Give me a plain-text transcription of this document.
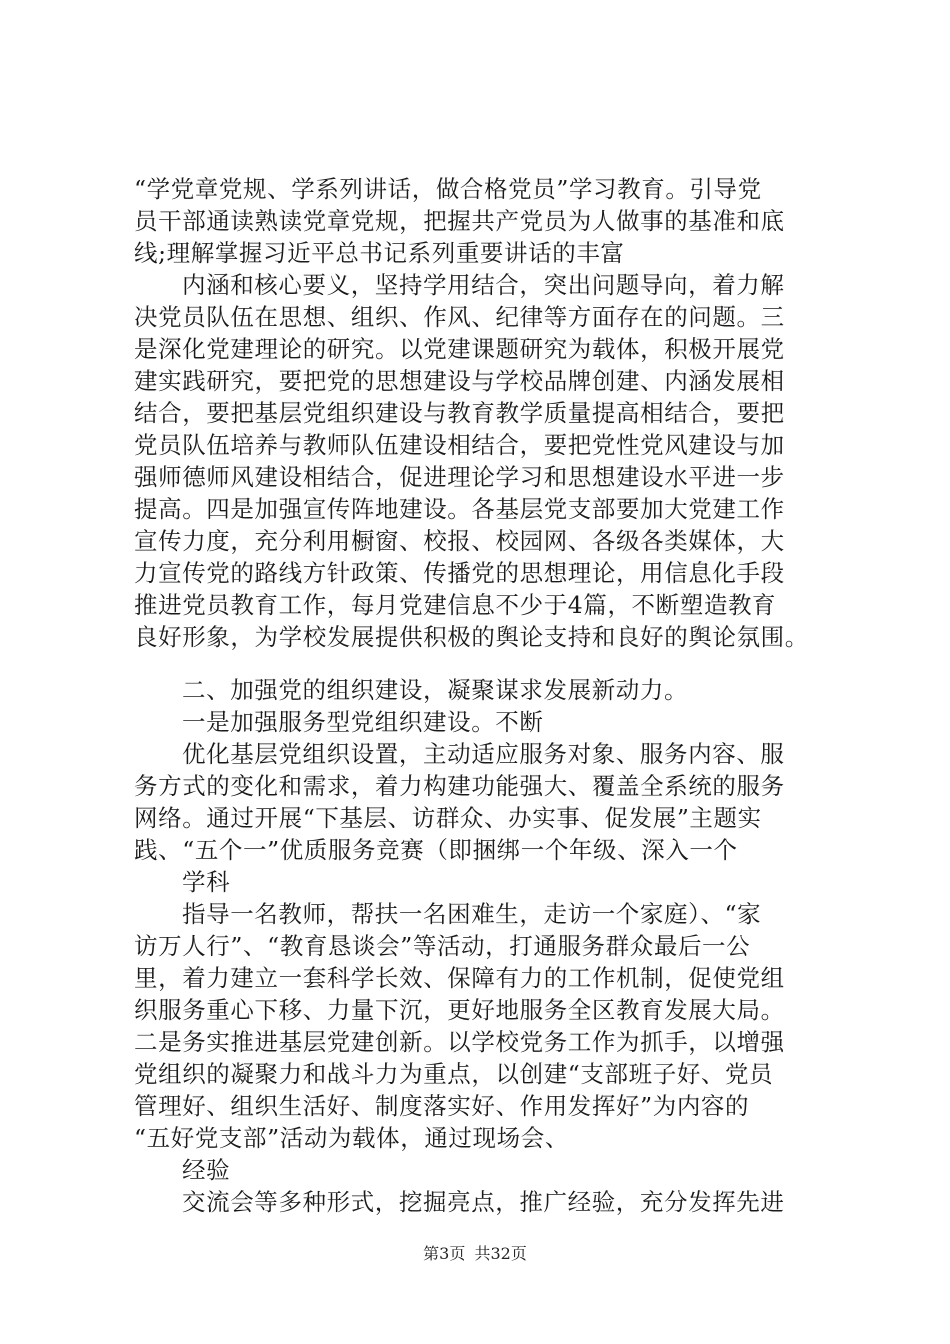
“学党章党规、学系列讲话，做合格党员”学习教育。引导党
员干部通读熟读党章党规，把握共产党员为人做事的基准和底
线;理解掌握习近平总书记系列重要讲话的丰富
内涵和核心要义，坚持学用结合，突出问题导向，着力解
决党员队伍在思想、组织、作风、纪律等方面存在的问题。三
是深化党建理论的研究。以党建课题研究为载体，积极开展党
建实践研究，要把党的思想建设与学校品牌创建、内涵发展相
结合，要把基层党组织建设与教育教学质量提高相结合，要把
党员队伍培养与教师队伍建设相结合，要把党性党风建设与加
强师德师风建设相结合，促进理论学习和思想建设水平进一步
提高。四是加强宣传阵地建设。各基层党支部要加大党建工作
宣传力度，充分利用橱窗、校报、校园网、各级各类媒体，大
力宣传党的路线方针政策、传播党的思想理论，用信息化手段
推进党员教育工作，每月党建信息不少于4篇，不断塑造教育
良好形象，为学校发展提供积极的舆论支持和良好的舆论氛围。
二、加强党的组织建设，凝聚谋求发展新动力。
一是加强服务型党组织建设。不断
优化基层党组织设置，主动适应服务对象、服务内容、服
务方式的变化和需求，着力构建功能强大、覆盖全系统的服务
网络。通过开展“下基层、访群众、办实事、促发展”主题实
践、“五个一”优质服务竞赛（即捆绑一个年级、深入一个
学科
指导一名教师，帮扶一名困难生，走访一个家庭）、“家
访万人行”、“教育恳谈会”等活动，打通服务群众最后一公
里，着力建立一套科学长效、保障有力的工作机制，促使党组
织服务重心下移、力量下沉，更好地服务全区教育发展大局。
二是务实推进基层党建创新。以学校党务工作为抓手，以增强
党组织的凝聚力和战斗力为重点，以创建“支部班子好、党员
管理好、组织生活好、制度落实好、作用发挥好”为内容的
“五好党支部”活动为载体，通过现场会、
经验
交流会等多种形式，挖掘亮点，推广经验，充分发挥先进
第3页 共32页
